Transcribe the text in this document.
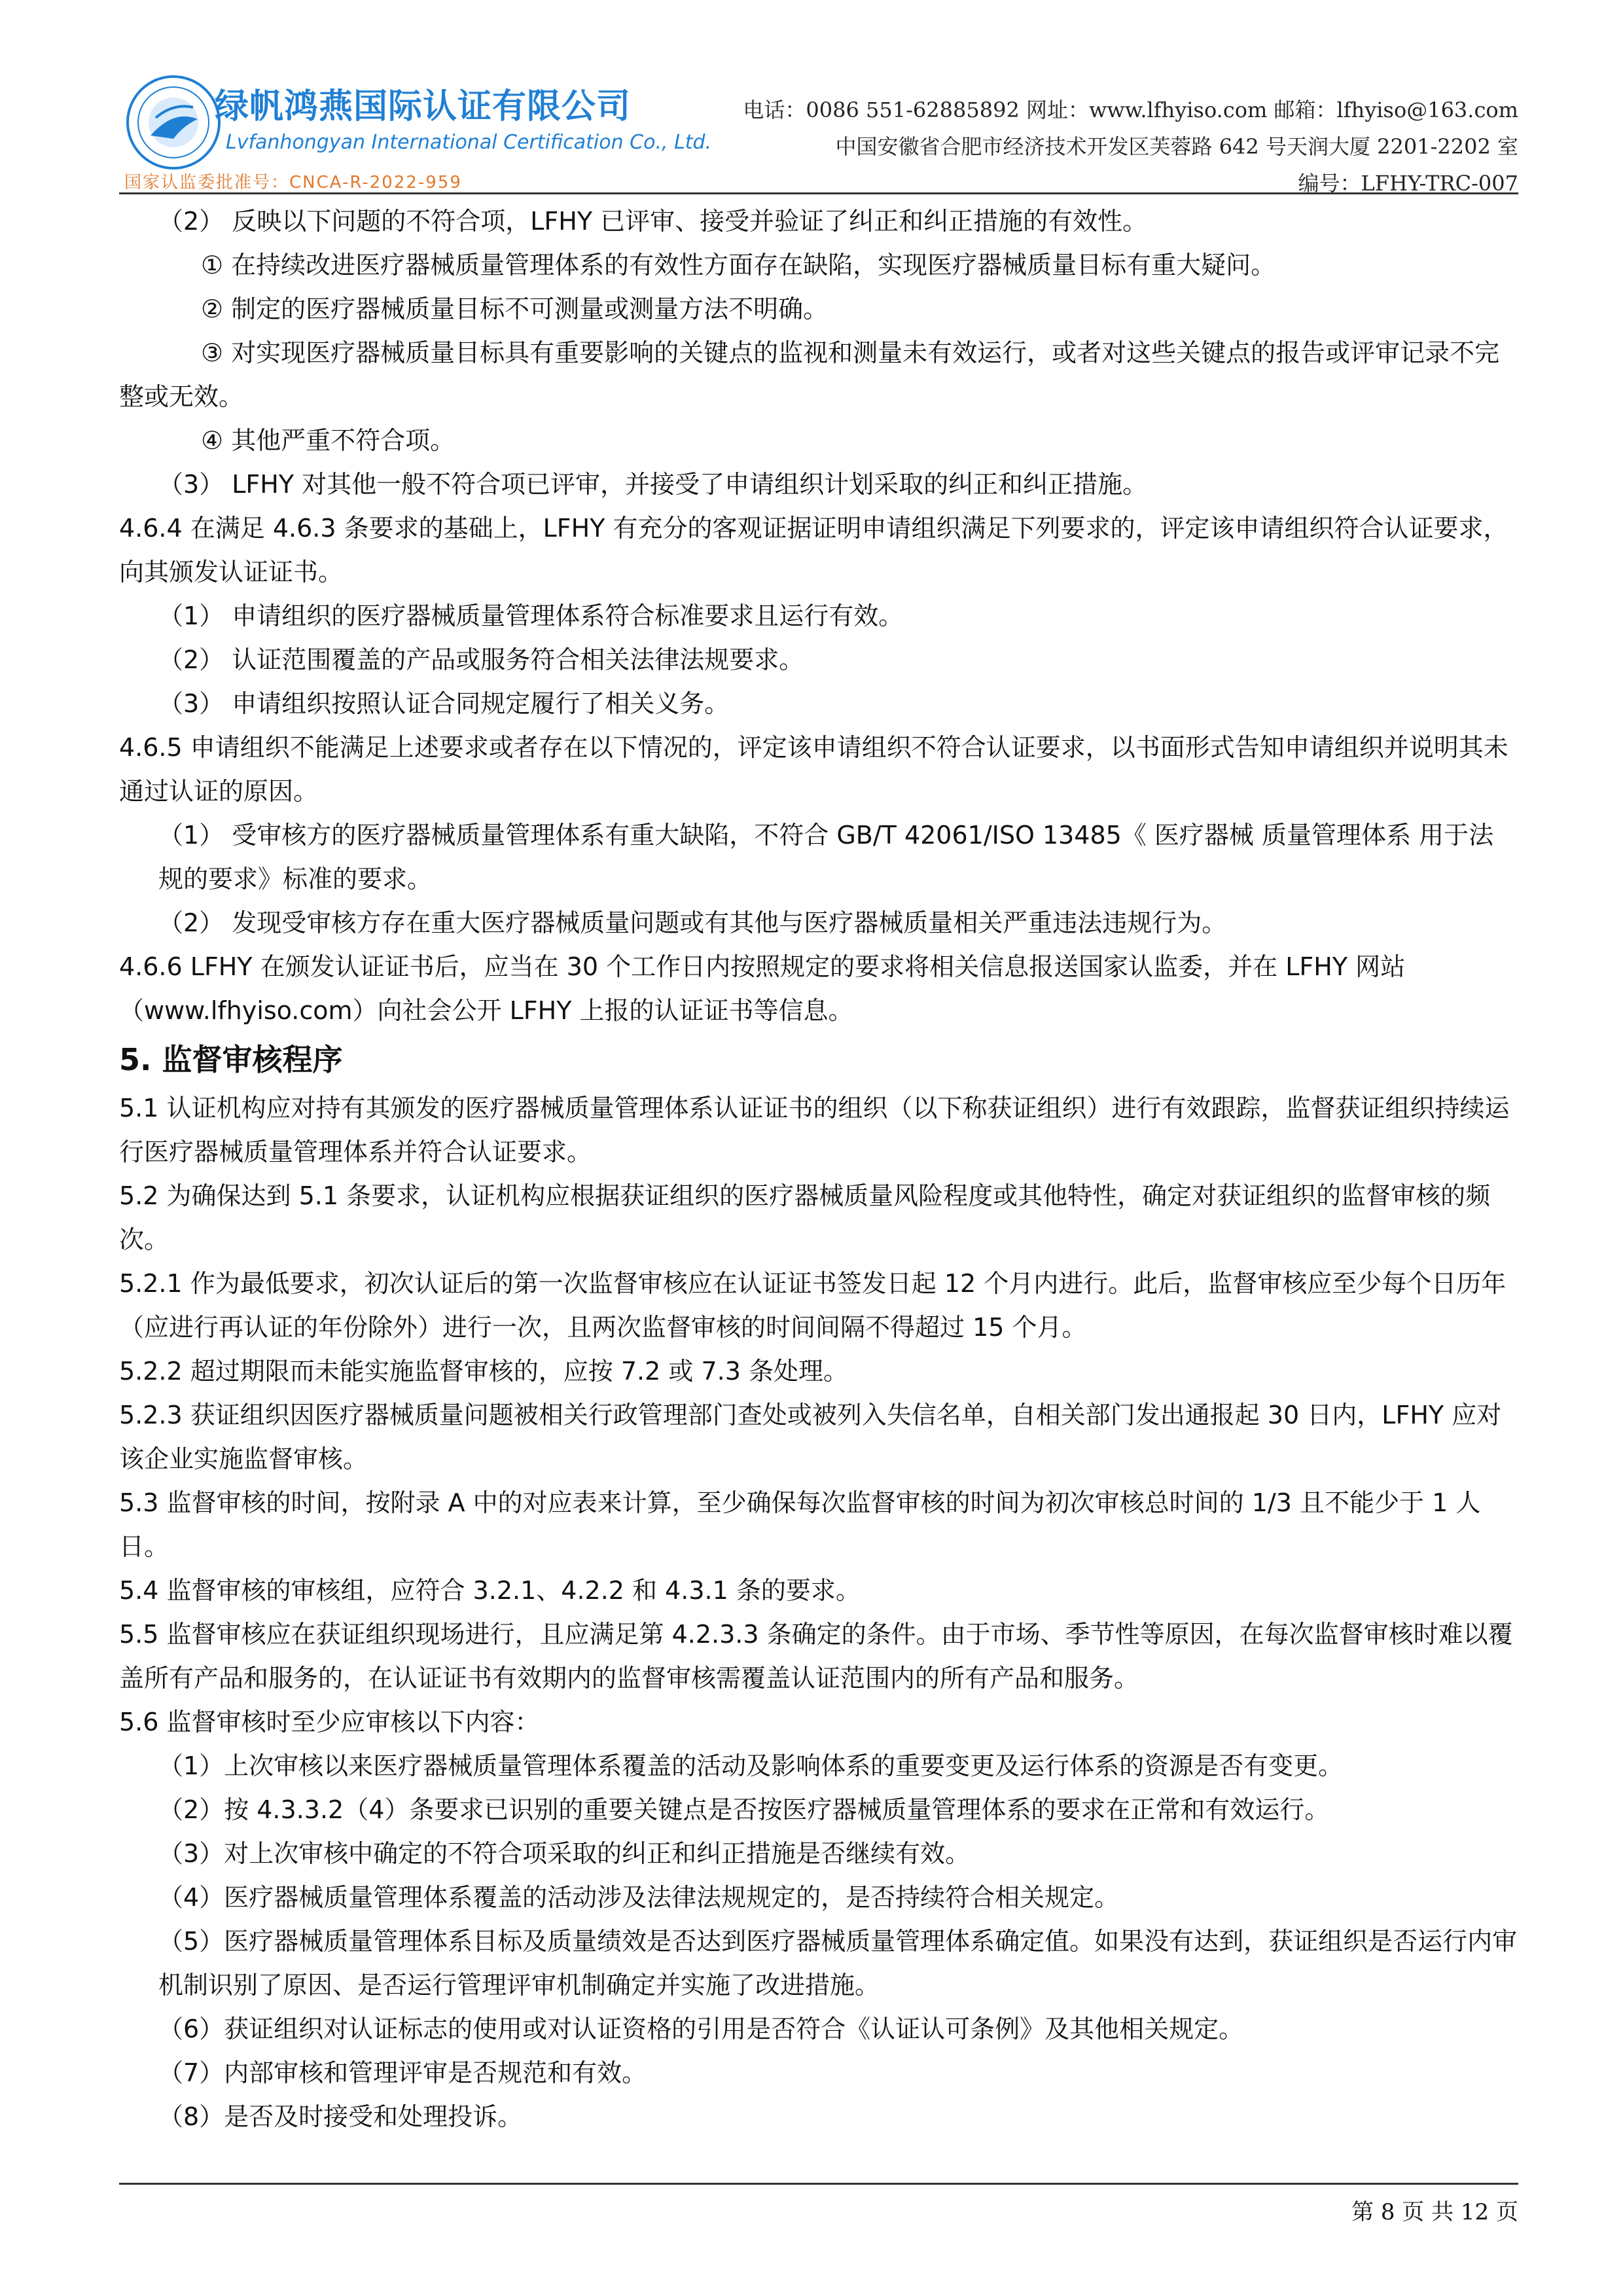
绿帆鸿燕国际认证有限公司
Lvfanhongyan International Certification Co., Ltd.
国家认监委批准号：CNCA-R-2022-959
电话：0086 551-62885892 网址：www.lfhyiso.com 邮箱：lfhyiso@163.com
中国安徽省合肥市经济技术开发区芙蓉路 642 号天润大厦 2201-2202 室
编号：LFHY-TRC-007

（2） 反映以下问题的不符合项，LFHY 已评审、接受并验证了纠正和纠正措施的有效性。

① 在持续改进医疗器械质量管理体系的有效性方面存在缺陷，实现医疗器械质量目标有重大疑问。

② 制定的医疗器械质量目标不可测量或测量方法不明确。

③ 对实现医疗器械质量目标具有重要影响的关键点的监视和测量未有效运行，或者对这些关键点的报告或评审记录不完整或无效。

④ 其他严重不符合项。

（3） LFHY 对其他一般不符合项已评审，并接受了申请组织计划采取的纠正和纠正措施。

4.6.4 在满足 4.6.3 条要求的基础上，LFHY 有充分的客观证据证明申请组织满足下列要求的，评定该申请组织符合认证要求，向其颁发认证证书。

（1） 申请组织的医疗器械质量管理体系符合标准要求且运行有效。

（2） 认证范围覆盖的产品或服务符合相关法律法规要求。

（3） 申请组织按照认证合同规定履行了相关义务。

4.6.5 申请组织不能满足上述要求或者存在以下情况的，评定该申请组织不符合认证要求，以书面形式告知申请组织并说明其未通过认证的原因。

（1） 受审核方的医疗器械质量管理体系有重大缺陷，不符合 GB/T 42061/ISO 13485《 医疗器械 质量管理体系 用于法规的要求》标准的要求。

（2） 发现受审核方存在重大医疗器械质量问题或有其他与医疗器械质量相关严重违法违规行为。

4.6.6 LFHY 在颁发认证证书后，应当在 30 个工作日内按照规定的要求将相关信息报送国家认监委，并在 LFHY 网站（www.lfhyiso.com）向社会公开 LFHY 上报的认证证书等信息。

5. 监督审核程序

5.1 认证机构应对持有其颁发的医疗器械质量管理体系认证证书的组织（以下称获证组织）进行有效跟踪，监督获证组织持续运行医疗器械质量管理体系并符合认证要求。

5.2 为确保达到 5.1 条要求，认证机构应根据获证组织的医疗器械质量风险程度或其他特性，确定对获证组织的监督审核的频次。

5.2.1 作为最低要求，初次认证后的第一次监督审核应在认证证书签发日起 12 个月内进行。此后，监督审核应至少每个日历年（应进行再认证的年份除外）进行一次，且两次监督审核的时间间隔不得超过 15 个月。

5.2.2 超过期限而未能实施监督审核的，应按 7.2 或 7.3 条处理。

5.2.3 获证组织因医疗器械质量问题被相关行政管理部门查处或被列入失信名单，自相关部门发出通报起 30 日内，LFHY 应对该企业实施监督审核。

5.3 监督审核的时间，按附录 A 中的对应表来计算，至少确保每次监督审核的时间为初次审核总时间的 1/3 且不能少于 1 人日。

5.4 监督审核的审核组，应符合 3.2.1、4.2.2 和 4.3.1 条的要求。

5.5 监督审核应在获证组织现场进行，且应满足第 4.2.3.3 条确定的条件。由于市场、季节性等原因，在每次监督审核时难以覆盖所有产品和服务的，在认证证书有效期内的监督审核需覆盖认证范围内的所有产品和服务。

5.6 监督审核时至少应审核以下内容：

（1）上次审核以来医疗器械质量管理体系覆盖的活动及影响体系的重要变更及运行体系的资源是否有变更。

（2）按 4.3.3.2（4）条要求已识别的重要关键点是否按医疗器械质量管理体系的要求在正常和有效运行。

（3）对上次审核中确定的不符合项采取的纠正和纠正措施是否继续有效。

（4）医疗器械质量管理体系覆盖的活动涉及法律法规规定的，是否持续符合相关规定。

（5）医疗器械质量管理体系目标及质量绩效是否达到医疗器械质量管理体系确定值。如果没有达到，获证组织是否运行内审机制识别了原因、是否运行管理评审机制确定并实施了改进措施。

（6）获证组织对认证标志的使用或对认证资格的引用是否符合《认证认可条例》及其他相关规定。

（7）内部审核和管理评审是否规范和有效。

（8）是否及时接受和处理投诉。

第 8 页 共 12 页
